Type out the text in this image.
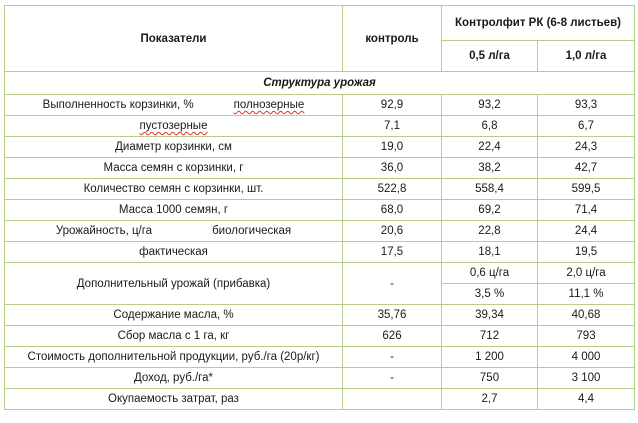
Показатели	контроль	Контролфит РК (6-8 листьев)	
		0,5 л/га	1,0 л/га
Структура урожая			
Выполненность корзинки, % полнозерные	92,9	93,2	93,3
пустозерные	7,1	6,8	6,7
Диаметр корзинки, см	19,0	22,4	24,3
Масса семян с корзинки, г	36,0	38,2	42,7
Количество семян с корзинки, шт.	522,8	558,4	599,5
Масса 1000 семян, г	68,0	69,2	71,4
Урожайность, ц/га биологическая	20,6	22,8	24,4
фактическая	17,5	18,1	19,5
Дополнительный урожай (прибавка)	-	0,6 ц/га	2,0 ц/га
		3,5 %	11,1 %
Содержание масла, %	35,76	39,34	40,68
Сбор масла с 1 га, кг	626	712	793
Стоимость дополнительной продукции, руб./га (20р/кг)	-	1 200	4 000
Доход, руб./га*	-	750	3 100
Окупаемость затрат, раз		2,7	4,4
